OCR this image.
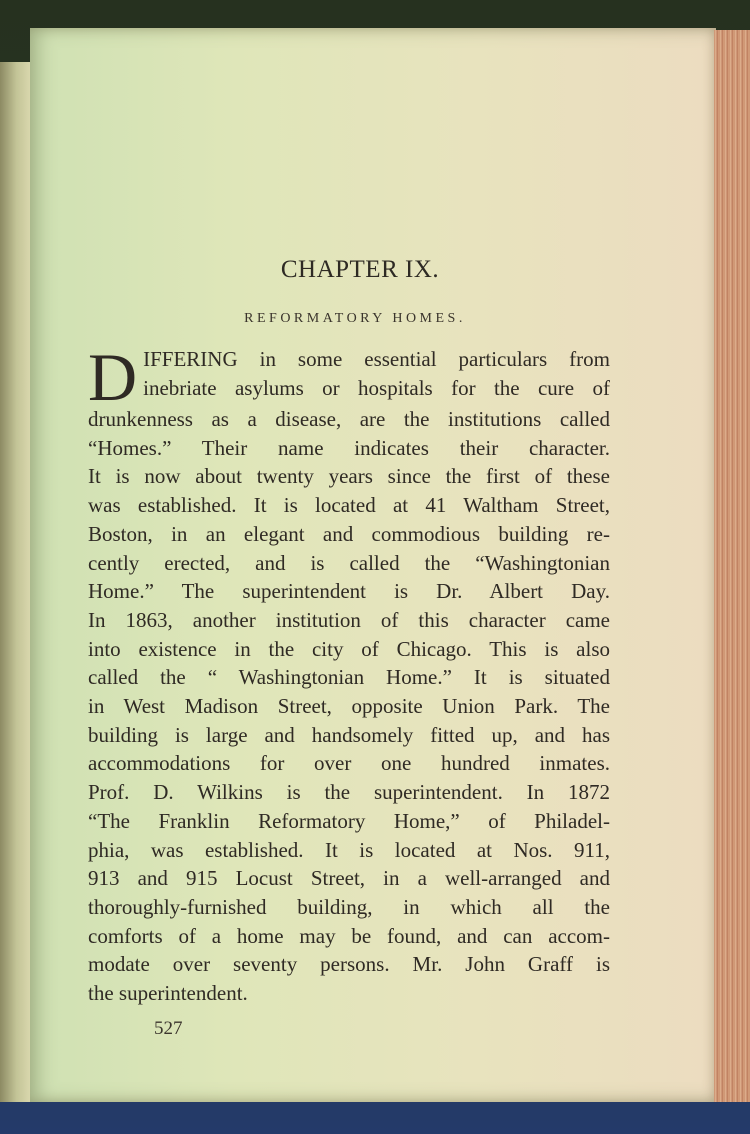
CHAPTER IX.
REFORMATORY HOMES.
D IFFERING in some essential particulars from
inebriate asylums or hospitals for the cure of
drunkenness as a disease, are the institutions called
“Homes.” Their name indicates their character.
It is now about twenty years since the first of these
was established. It is located at 41 Waltham Street,
Boston, in an elegant and commodious building re-
cently erected, and is called the “Washingtonian
Home.” The superintendent is Dr. Albert Day.
In 1863, another institution of this character came
into existence in the city of Chicago. This is also
called the “ Washingtonian Home.” It is situated
in West Madison Street, opposite Union Park. The
building is large and handsomely fitted up, and has
accommodations for over one hundred inmates.
Prof. D. Wilkins is the superintendent. In 1872
“The Franklin Reformatory Home,” of Philadel-
phia, was established. It is located at Nos. 911,
913 and 915 Locust Street, in a well-arranged and
thoroughly-furnished building, in which all the
comforts of a home may be found, and can accom-
modate over seventy persons. Mr. John Graff is
the superintendent.
527
